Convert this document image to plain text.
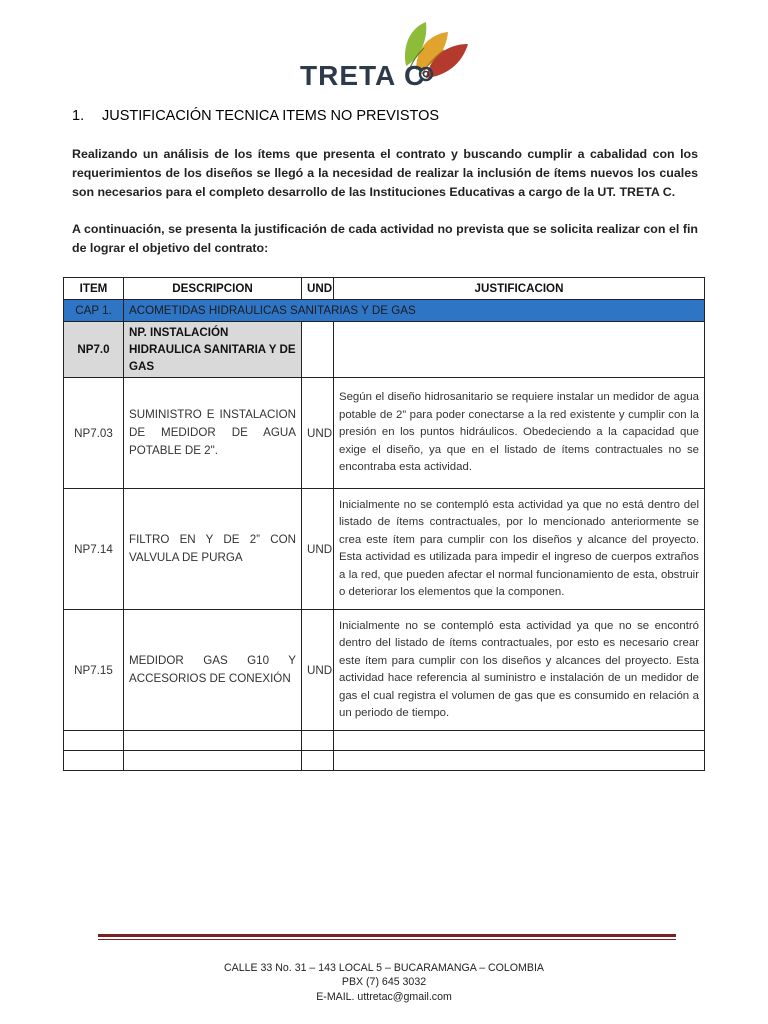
TRETA C
1. JUSTIFICACIÓN TECNICA ITEMS NO PREVISTOS
Realizando un análisis de los ítems que presenta el contrato y buscando cumplir a cabalidad con los requerimientos de los diseños se llegó a la necesidad de realizar la inclusión de ítems nuevos los cuales son necesarios para el completo desarrollo de las Instituciones Educativas a cargo de la UT. TRETA C.
A continuación, se presenta la justificación de cada actividad no prevista que se solicita realizar con el fin de lograr el objetivo del contrato:
ITEM	DESCRIPCION	UND	JUSTIFICACION
CAP 1.	ACOMETIDAS HIDRAULICAS SANITARIAS Y DE GAS		
NP7.0	NP. INSTALACIÓN HIDRAULICA SANITARIA Y DE GAS		
NP7.03	SUMINISTRO E INSTALACION DE MEDIDOR DE AGUA POTABLE DE 2".	UND	Según el diseño hidrosanitario se requiere instalar un medidor de agua potable de 2” para poder conectarse a la red existente y cumplir con la presión en los puntos hidráulicos. Obedeciendo a la capacidad que exige el diseño, ya que en el listado de ítems contractuales no se encontraba esta actividad.
NP7.14	FILTRO EN Y DE 2” CON VALVULA DE PURGA	UND	Inicialmente no se contempló esta actividad ya que no está dentro del listado de ítems contractuales, por lo mencionado anteriormente se crea este ítem para cumplir con los diseños y alcance del proyecto. Esta actividad es utilizada para impedir el ingreso de cuerpos extraños a la red, que pueden afectar el normal funcionamiento de esta, obstruir o deteriorar los elementos que la componen.
NP7.15	MEDIDOR GAS G10 Y ACCESORIOS DE CONEXIÓN	UND	Inicialmente no se contempló esta actividad ya que no se encontró dentro del listado de ítems contractuales, por esto es necesario crear este ítem para cumplir con los diseños y alcances del proyecto. Esta actividad hace referencia al suministro e instalación de un medidor de gas el cual registra el volumen de gas que es consumido en relación a un periodo de tiempo.

CALLE 33 No. 31 – 143 LOCAL 5 – BUCARAMANGA – COLOMBIA
PBX (7) 645 3032
E-MAIL. uttretac@gmail.com
